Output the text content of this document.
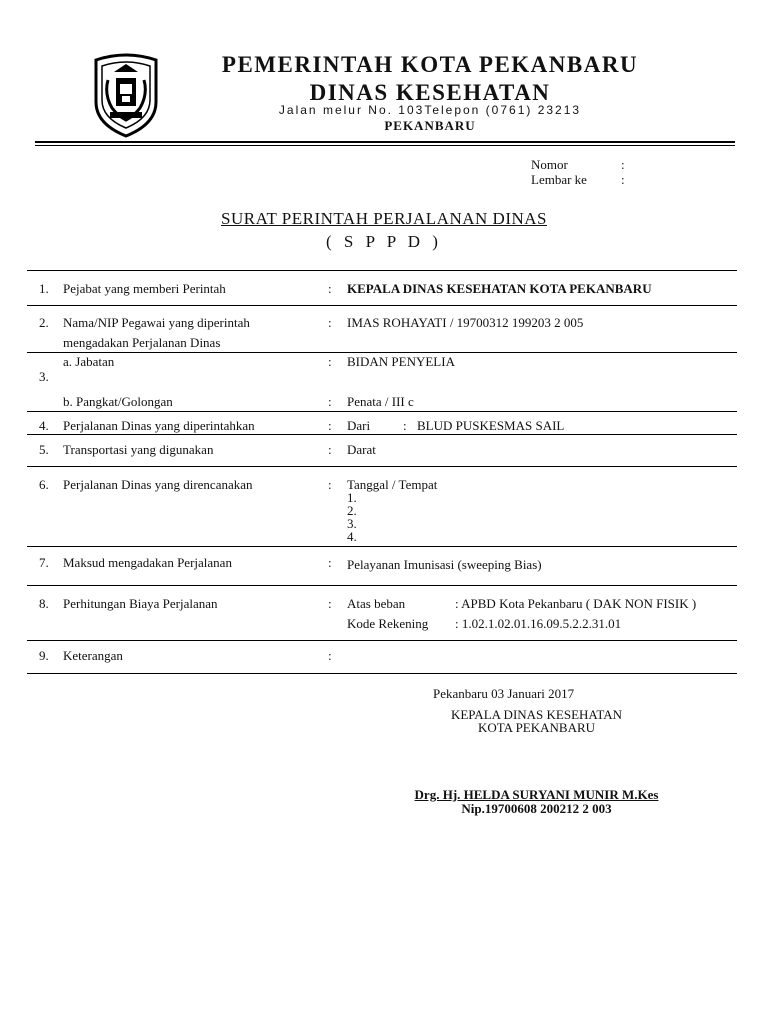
PEMERINTAH KOTA PEKANBARU
DINAS KESEHATAN
Jalan melur No. 103Telepon (0761) 23213
PEKANBARU
Nomor	:
Lembar ke	:
SURAT PERINTAH PERJALANAN DINAS
( S P P D )
1. Pejabat yang memberi Perintah	: KEPALA DINAS KESEHATAN KOTA PEKANBARU
2. Nama/NIP Pegawai yang diperintah
mengadakan Perjalanan Dinas
: IMAS ROHAYATI / 19700312 199203 2 005
3.
a. Jabatan	: BIDAN PENYELIA
b. Pangkat/Golongan	: Penata / III c
4. Perjalanan Dinas yang diperintahkan	: Dari	: BLUD PUSKESMAS SAIL
5. Transportasi yang digunakan	: Darat
6. Perjalanan Dinas yang direncanakan	: Tanggal / Tempat
1.
2.
3.
4.
7. Maksud mengadakan Perjalanan	: Pelayanan Imunisasi (sweeping Bias)
8. Perhitungan Biaya Perjalanan	: Atas beban	: APBD Kota Pekanbaru ( DAK NON FISIK )
Kode Rekening : 1.02.1.02.01.16.09.5.2.2.31.01
9. Keterangan	:
Pekanbaru 03 Januari 2017
KEPALA DINAS KESEHATAN
KOTA PEKANBARU
Drg. Hj. HELDA SURYANI MUNIR M.Kes
Nip.19700608 200212 2 003
